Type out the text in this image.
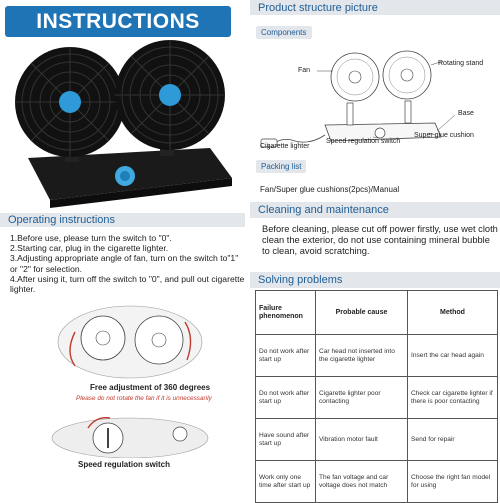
INSTRUCTIONS
Product structure picture
Components
Fan
Rotating stand
Base
Speed regulation switch
Super glue cushion
Cigarette lighter
Packing list
Fan/Super glue cushions(2pcs)/Manual
Operating instructions
1.Before use, please turn the switch to "0".
2.Starting car, plug in the cigarette lighter.
3.Adjusting appropriate angle of fan, turn on the switch to"1" or "2" for selection.
4.After using it, turn off the switch to "0", and pull out cigarette lighter.
Free adjustment of 360 degrees
Please do not rotate the fan if it is unnecessarily
Speed regulation switch
Cleaning and maintenance
Before cleaning, please cut off power firstly, use wet cloth clean the exterior, do not use containing mineral bubble to clean, avoid scratching.
Solving problems
Failure phenomenon	Probable cause	Method
Do not work after start up	Car head not inserted into the cigarette lighter	Insert the car head again
Do not work after start up	Cigarette lighter poor contacting	Check car cigarette lighter if there is poor contacting
Have sound after start up	Vibration motor fault	Send for repair
Work only one time after start up	The fan voltage and car voltage does not match	Choose the right fan model for using
